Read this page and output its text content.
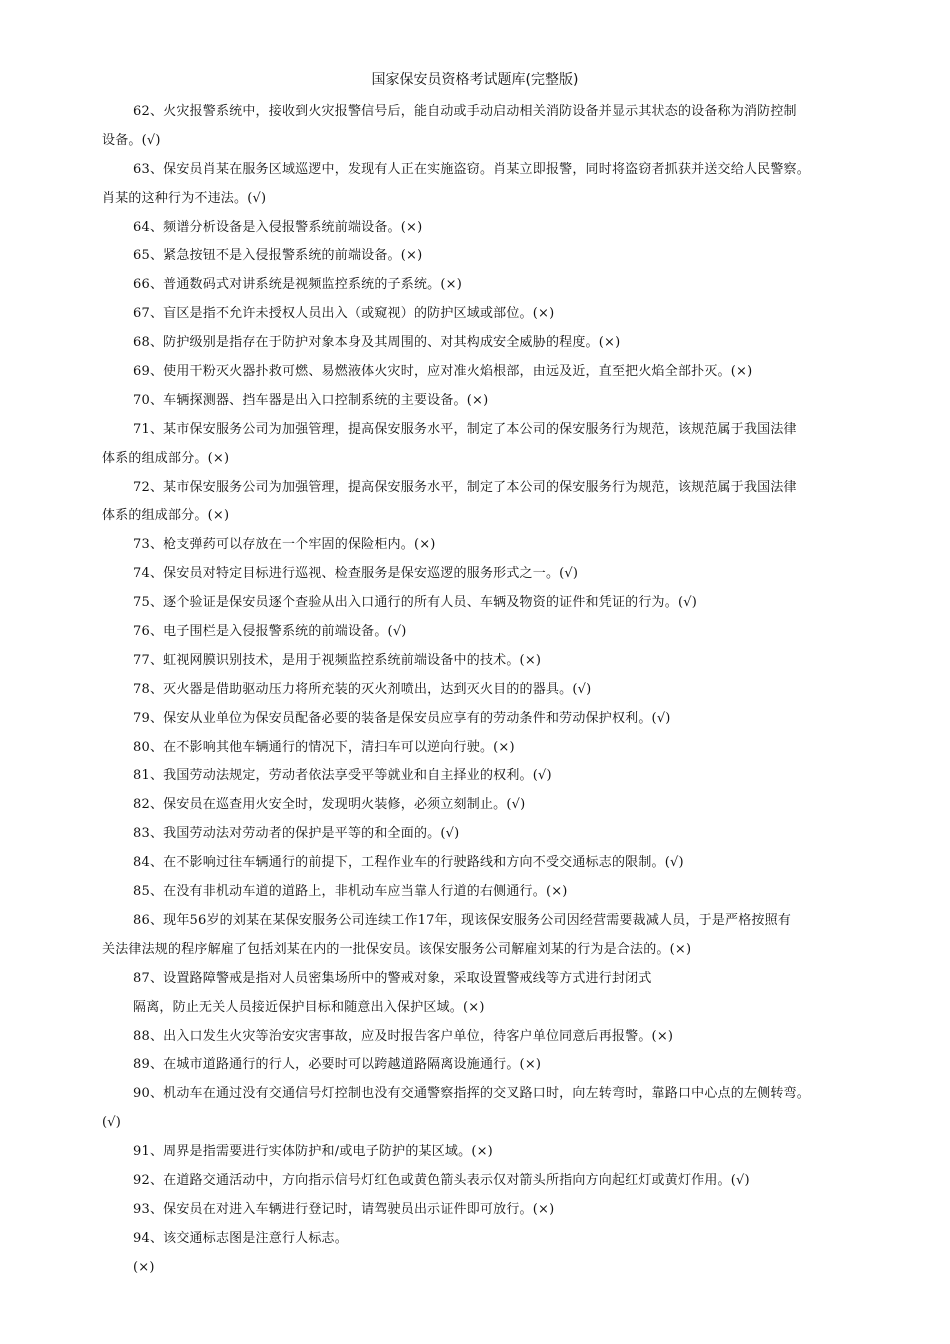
国家保安员资格考试题库(完整版)
62、火灾报警系统中，接收到火灾报警信号后，能自动或手动启动相关消防设备并显示其状态的设备称为消防控制
设备。(√)
63、保安员肖某在服务区域巡逻中，发现有人正在实施盗窃。肖某立即报警，同时将盗窃者抓获并送交给人民警察。
肖某的这种行为不违法。(√)
64、频谱分析设备是入侵报警系统前端设备。(×)
65、紧急按钮不是入侵报警系统的前端设备。(×)
66、普通数码式对讲系统是视频监控系统的子系统。(×)
67、盲区是指不允许未授权人员出入（或窥视）的防护区域或部位。(×)
68、防护级别是指存在于防护对象本身及其周围的、对其构成安全威胁的程度。(×)
69、使用干粉灭火器扑救可燃、易燃液体火灾时，应对准火焰根部，由远及近，直至把火焰全部扑灭。(×)
70、车辆探测器、挡车器是出入口控制系统的主要设备。(×)
71、某市保安服务公司为加强管理，提高保安服务水平，制定了本公司的保安服务行为规范，该规范属于我国法律
体系的组成部分。(×)
72、某市保安服务公司为加强管理，提高保安服务水平，制定了本公司的保安服务行为规范，该规范属于我国法律
体系的组成部分。(×)
73、枪支弹药可以存放在一个牢固的保险柜内。(×)
74、保安员对特定目标进行巡视、检查服务是保安巡逻的服务形式之一。(√)
75、逐个验证是保安员逐个查验从出入口通行的所有人员、车辆及物资的证件和凭证的行为。(√)
76、电子围栏是入侵报警系统的前端设备。(√)
77、虹视网膜识别技术，是用于视频监控系统前端设备中的技术。(×)
78、灭火器是借助驱动压力将所充装的灭火剂喷出，达到灭火目的的器具。(√)
79、保安从业单位为保安员配备必要的装备是保安员应享有的劳动条件和劳动保护权利。(√)
80、在不影响其他车辆通行的情况下，清扫车可以逆向行驶。(×)
81、我国劳动法规定，劳动者依法享受平等就业和自主择业的权利。(√)
82、保安员在巡查用火安全时，发现明火装修，必须立刻制止。(√)
83、我国劳动法对劳动者的保护是平等的和全面的。(√)
84、在不影响过往车辆通行的前提下，工程作业车的行驶路线和方向不受交通标志的限制。(√)
85、在没有非机动车道的道路上，非机动车应当靠人行道的右侧通行。(×)
86、现年56岁的刘某在某保安服务公司连续工作17年，现该保安服务公司因经营需要裁减人员，于是严格按照有
关法律法规的程序解雇了包括刘某在内的一批保安员。该保安服务公司解雇刘某的行为是合法的。(×)
87、设置路障警戒是指对人员密集场所中的警戒对象，采取设置警戒线等方式进行封闭式
隔离，防止无关人员接近保护目标和随意出入保护区域。(×)
88、出入口发生火灾等治安灾害事故，应及时报告客户单位，待客户单位同意后再报警。(×)
89、在城市道路通行的行人，必要时可以跨越道路隔离设施通行。(×)
90、机动车在通过没有交通信号灯控制也没有交通警察指挥的交叉路口时，向左转弯时，靠路口中心点的左侧转弯。
(√)
91、周界是指需要进行实体防护和/或电子防护的某区域。(×)
92、在道路交通活动中，方向指示信号灯红色或黄色箭头表示仅对箭头所指向方向起红灯或黄灯作用。(√)
93、保安员在对进入车辆进行登记时，请驾驶员出示证件即可放行。(×)
94、该交通标志图是注意行人标志。
(×)
